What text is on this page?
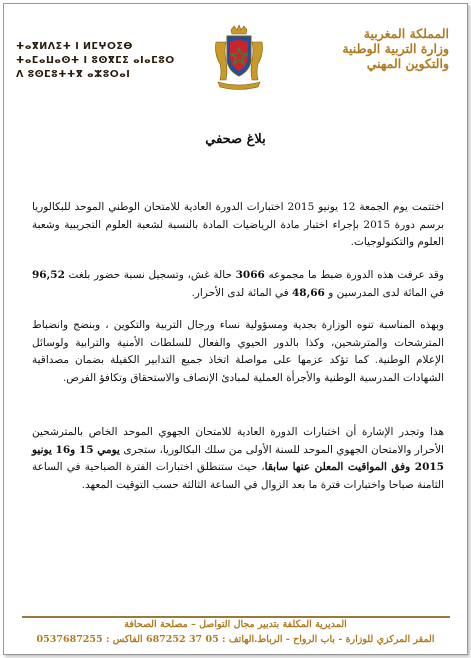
المملكة المغربية
وزارة التربية الوطنية
والتكوين المهني
ⵜⴰⴳⵍⴷⵉⵜ ⵏ ⵍⵎⵖⵔⵉⴱ
ⵜⴰⵎⴰⵡⴰⵙⵜ ⵏ ⵓⵙⴳⵎⵉ ⴰⵏⴰⵎⵓⵔ
ⴷ ⵓⵙⵎⵓⵜⵜⴳ ⴰⵣⵓⵔⴰⵏ
بلاغ صحفي

اختتمت يوم الجمعة 12 يونيو 2015 اختبارات الدورة العادية للامتحان الوطني الموحد للبكالوريا برسم دورة 2015 بإجراء اختبار مادة الرياضيات المادة بالنسبة لشعبة العلوم التجريبية وشعبة العلوم والتكنولوجيات.

وقد عرفت هذه الدورة ضبط ما مجموعه 3066 حالة غش، وتسجيل نسبة حضور بلغت 96,52 في المائة لدى المدرسين و 48,66 في المائة لدى الأحرار.

وبهذه المناسبة تنوه الوزارة بجدية ومسؤولية نساء ورجال التربية والتكوين ، وبنضج وانضباط المترشحات والمترشحين، وكذا بالدور الحيوي والفعال للسلطات الأمنية والترابية ولوسائل الإعلام الوطنية. كما تؤكد عزمها على مواصلة اتخاذ جميع التدابير الكفيلة بضمان مصداقية الشهادات المدرسية الوطنية والأجرأة العملية لمبادئ الإنصاف والاستحقاق وتكافؤ الفرص.

هذا وتجدر الإشارة أن اختبارات الدورة العادية للامتحان الجهوي الموحد الخاص بالمترشحين الأحرار والامتحان الجهوي الموحد للسنة الأولى من سلك البكالوريا، ستجرى يومي 15 و16 يونيو 2015 وفق المواقيت المعلن عنها سابقا، حيث ستنطلق اختبارات الفترة الصباحية في الساعة الثامنة صباحا واختبارات فترة ما بعد الزوال في الساعة الثالثة حسب التوقيت المعهد.

المديرية المكلفة بتدبير مجال التواصل – مصلحة الصحافة
المقر المركزي للوزارة - باب الرواح - الرباط.الهاتف : 05 37 687252 الفاكس : 0537687255
